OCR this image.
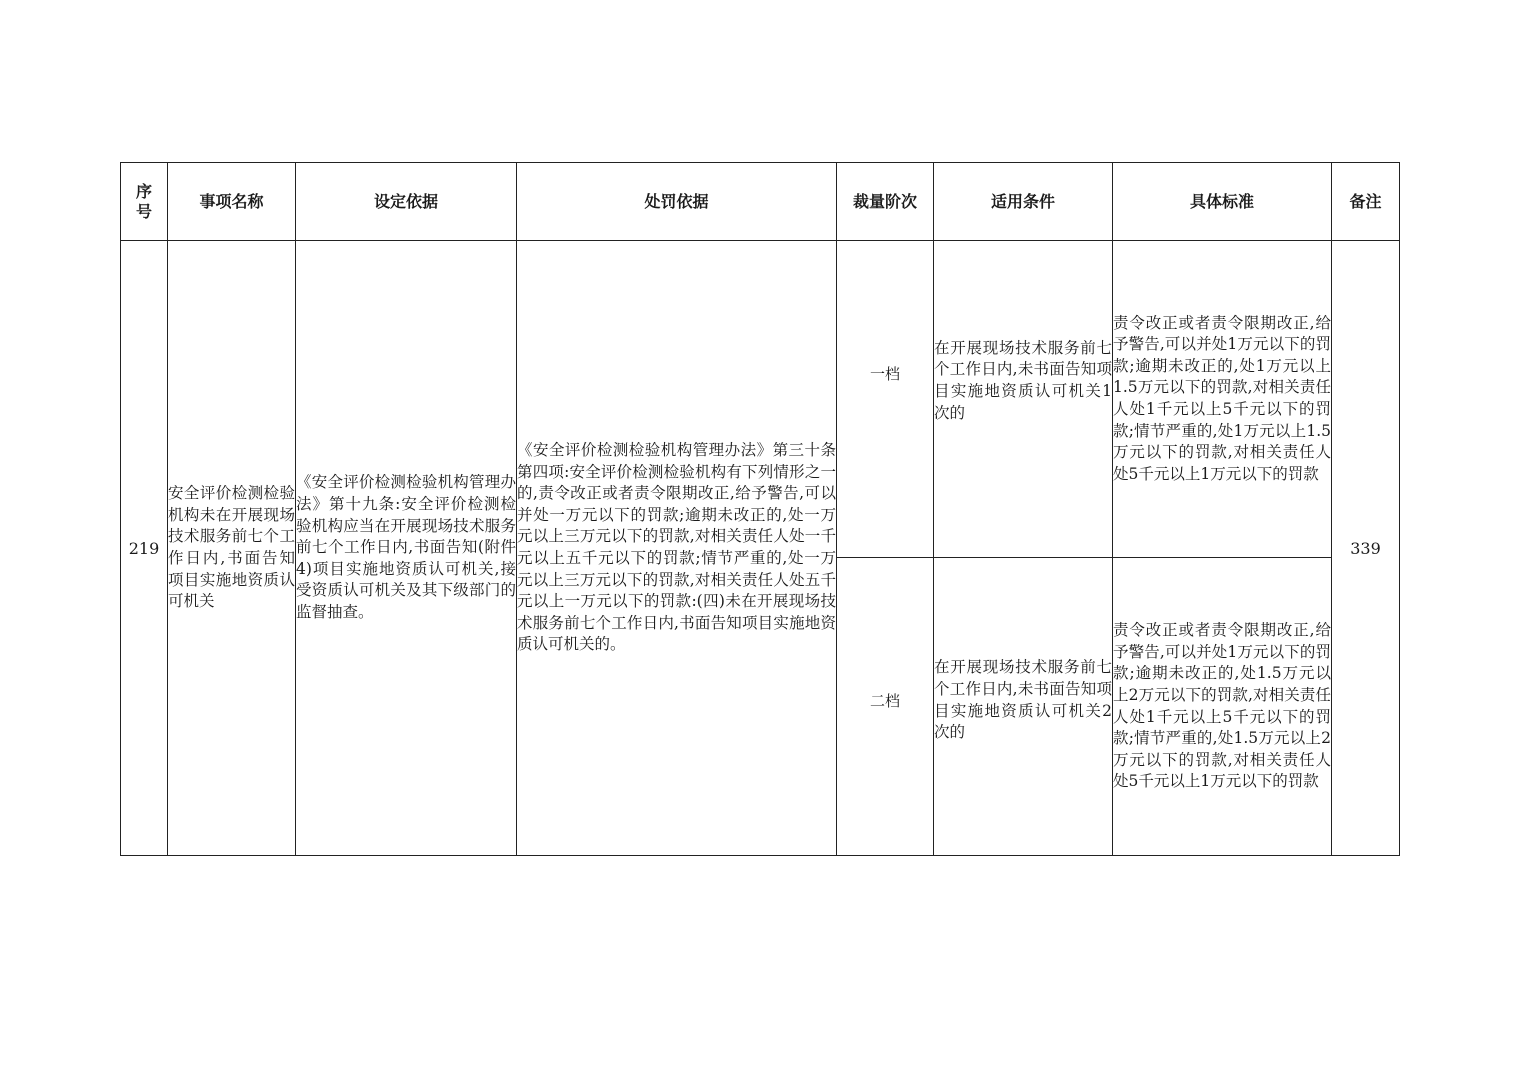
序号	事项名称	设定依据	处罚依据	裁量阶次	适用条件	具体标准	备注
219	安全评价检测检验机构未在开展现场技术服务前七个工作日内,书面告知项目实施地资质认可机关	《安全评价检测检验机构管理办法》第十九条:安全评价检测检验机构应当在开展现场技术服务前七个工作日内,书面告知(附件4)项目实施地资质认可机关,接受资质认可机关及其下级部门的监督抽查。	《安全评价检测检验机构管理办法》第三十条第四项:安全评价检测检验机构有下列情形之一的,责令改正或者责令限期改正,给予警告,可以并处一万元以下的罚款;逾期未改正的,处一万元以上三万元以下的罚款,对相关责任人处一千元以上五千元以下的罚款;情节严重的,处一万元以上三万元以下的罚款,对相关责任人处五千元以上一万元以下的罚款:(四)未在开展现场技术服务前七个工作日内,书面告知项目实施地资质认可机关的。	一档	在开展现场技术服务前七个工作日内,未书面告知项目实施地资质认可机关1次的	责令改正或者责令限期改正,给予警告,可以并处1万元以下的罚款;逾期未改正的,处1万元以上1.5万元以下的罚款,对相关责任人处1千元以上5千元以下的罚款;情节严重的,处1万元以上1.5万元以下的罚款,对相关责任人处5千元以上1万元以下的罚款	339

				二档	在开展现场技术服务前七个工作日内,未书面告知项目实施地资质认可机关2次的	责令改正或者责令限期改正,给予警告,可以并处1万元以下的罚款;逾期未改正的,处1.5万元以上2万元以下的罚款,对相关责任人处1千元以上5千元以下的罚款;情节严重的,处1.5万元以上2万元以下的罚款,对相关责任人处5千元以上1万元以下的罚款	
